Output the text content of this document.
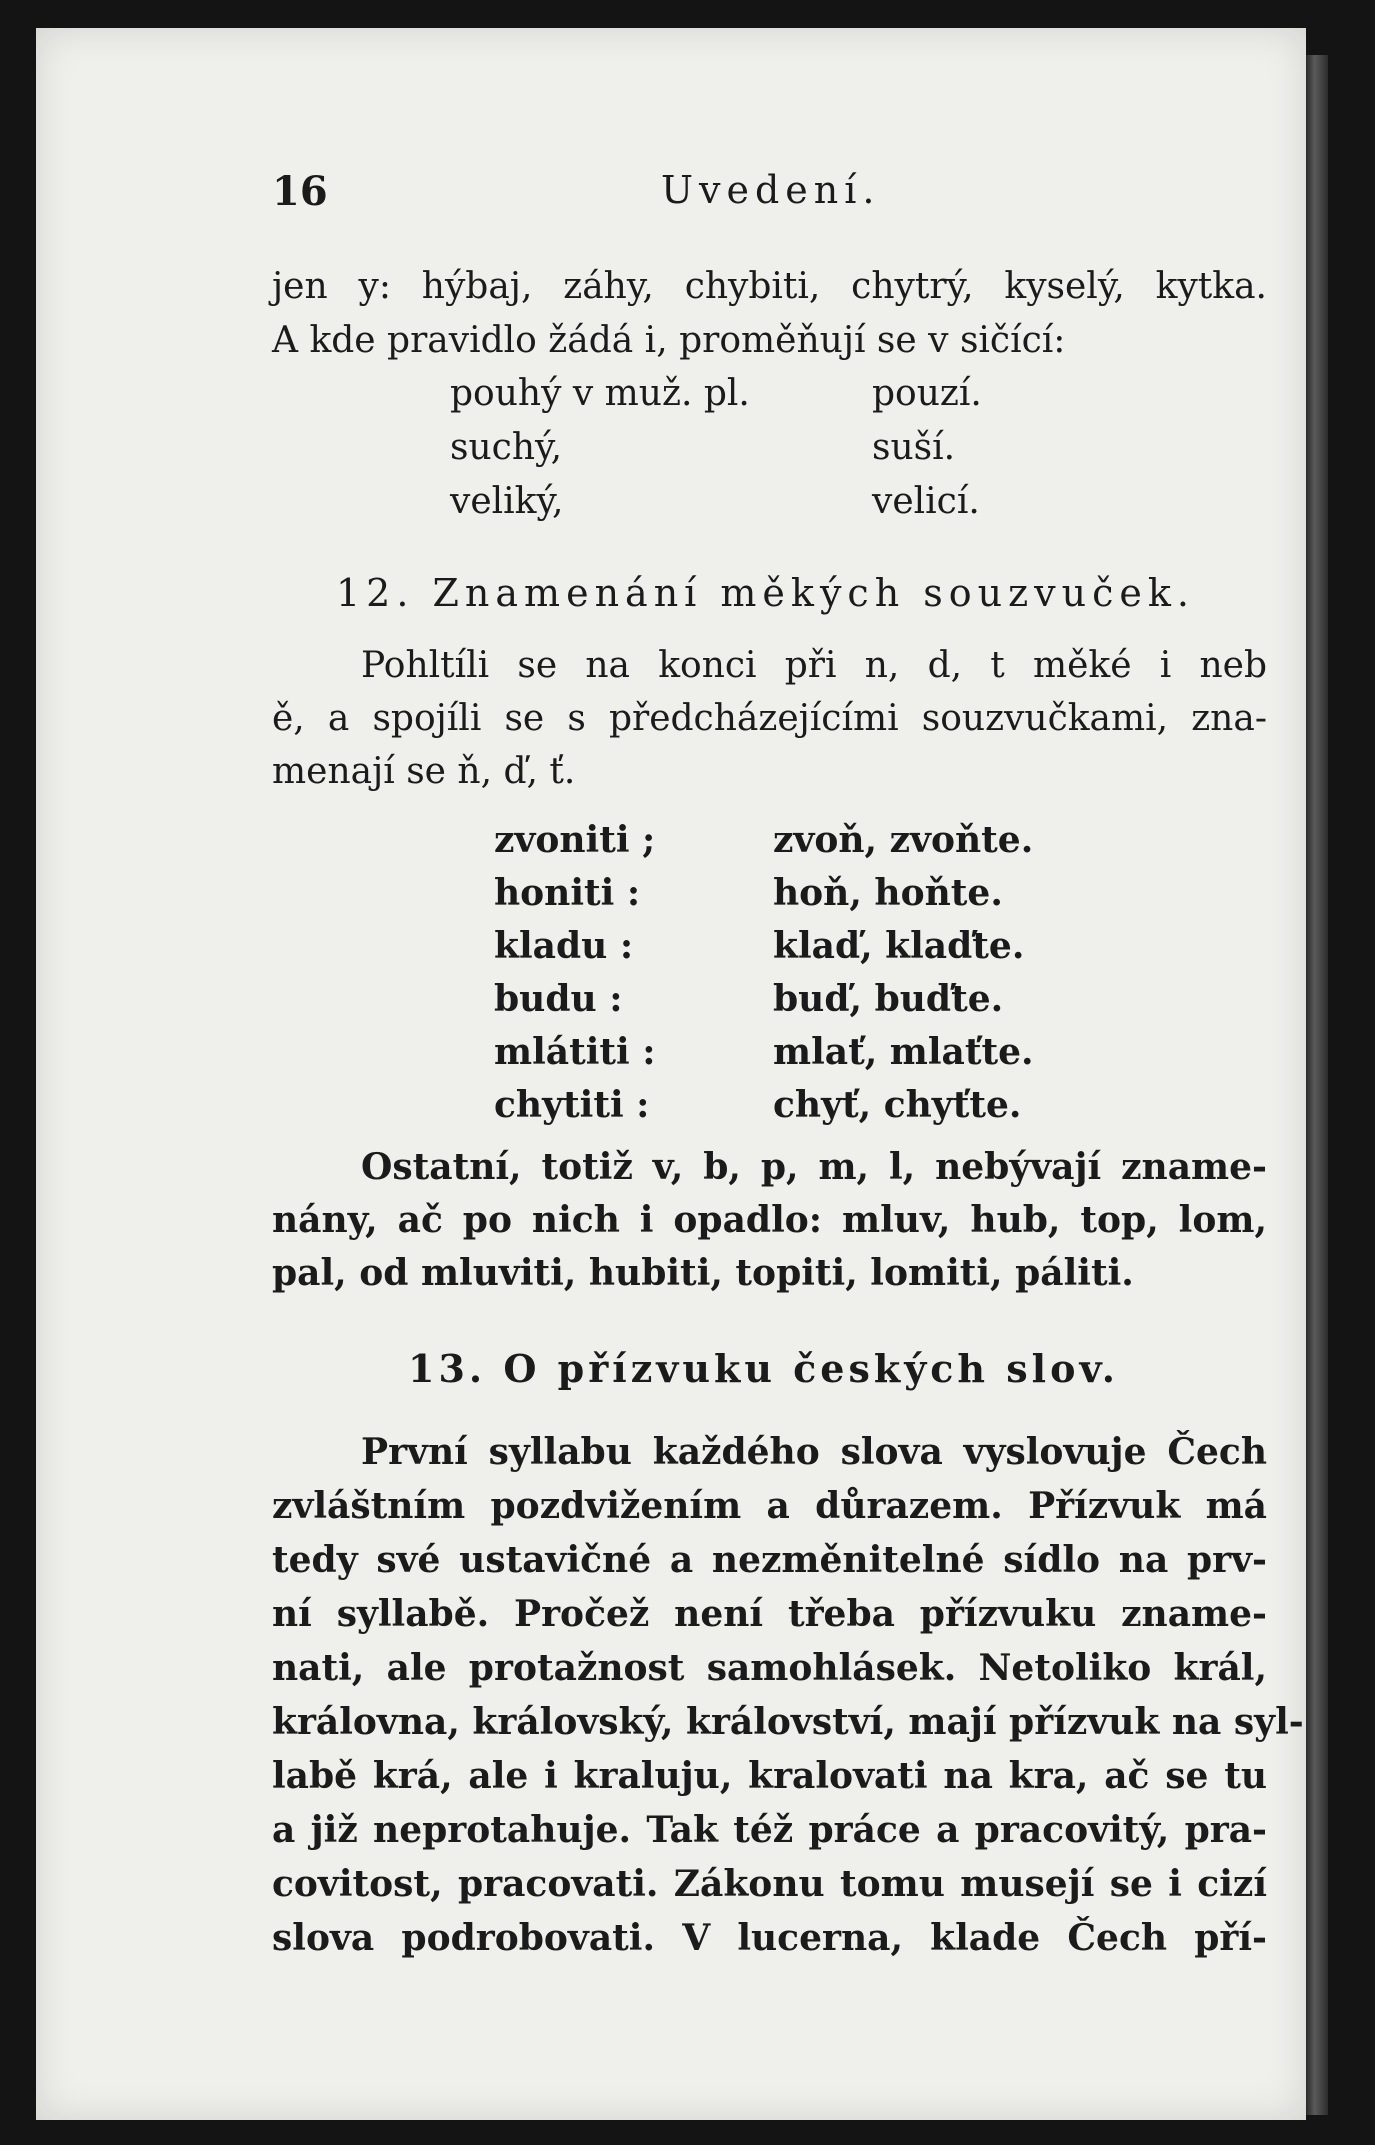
16	Uvedení.
jen y: hýbaj, záhy, chybiti, chytrý, kyselý, kytka.
A kde pravidlo žádá i, proměňují se v sičící:
pouhý v muž. pl.	pouzí.
suchý,	suší.
veliký,	velicí.
12. Znamenání měkých souzvuček.
Pohltíli se na konci při n, d, t měké i neb
ě, a spojíli se s předcházejícími souzvučkami, zna-
menají se ň, ď, ť.
zvoniti ;	zvoň, zvoňte.
honiti :	hoň, hoňte.
kladu :	klaď, klaďte.
budu :	buď, buďte.
mlátiti :	mlať, mlaťte.
chytiti :	chyť, chyťte.
Ostatní, totiž v, b, p, m, l, nebývají zname-
nány, ač po nich i opadlo: mluv, hub, top, lom,
pal, od mluviti, hubiti, topiti, lomiti, páliti.
13. O přízvuku českých slov.
První syllabu každého slova vyslovuje Čech
zvláštním pozdvižením a důrazem. Přízvuk má
tedy své ustavičné a nezměnitelné sídlo na prv-
ní syllabě. Pročež není třeba přízvuku zname-
nati, ale protažnost samohlásek. Netoliko král,
královna, královský, království, mají přízvuk na syl-
labě krá, ale i kraluju, kralovati na kra, ač se tu
a již neprotahuje. Tak též práce a pracovitý, pra-
covitost, pracovati. Zákonu tomu musejí se i cizí
slova podrobovati. V lucerna, klade Čech pří-
